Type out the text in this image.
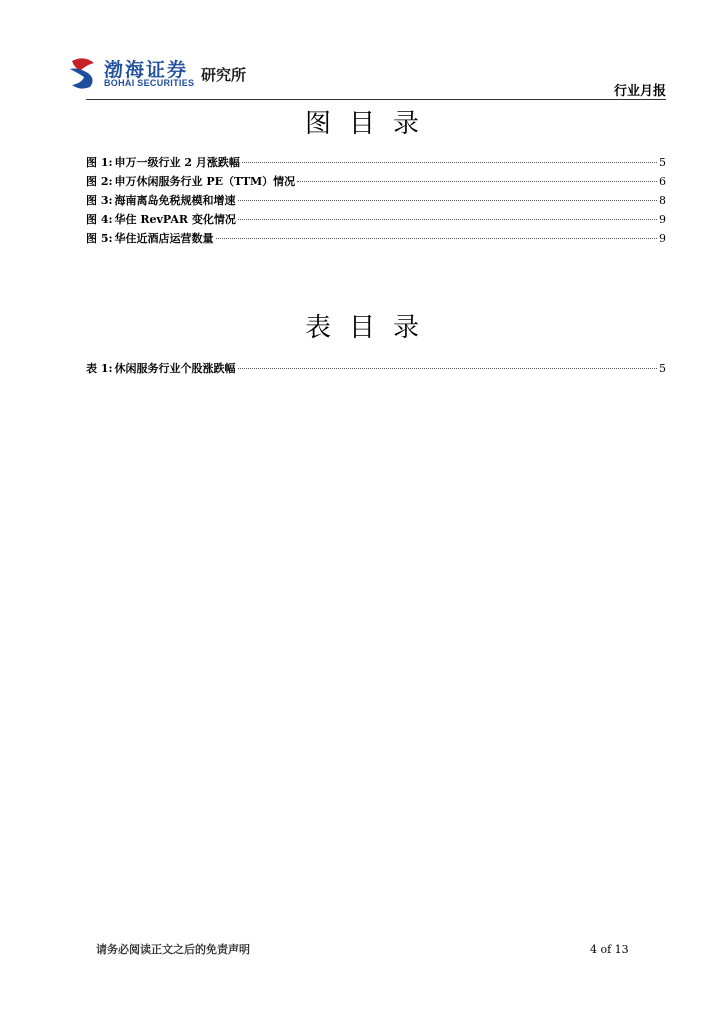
渤海证券
BOHAI SECURITIES 研究所
行业月报
图目录
图 1: 申万一级行业 2 月涨跌幅	5
图 2: 申万休闲服务行业 PE（TTM）情况	6
图 3: 海南离岛免税规模和增速	8
图 4: 华住 RevPAR 变化情况	9
图 5: 华住近酒店运营数量	9
表目录
表 1: 休闲服务行业个股涨跌幅	5
请务必阅读正文之后的免责声明	4 of 13
